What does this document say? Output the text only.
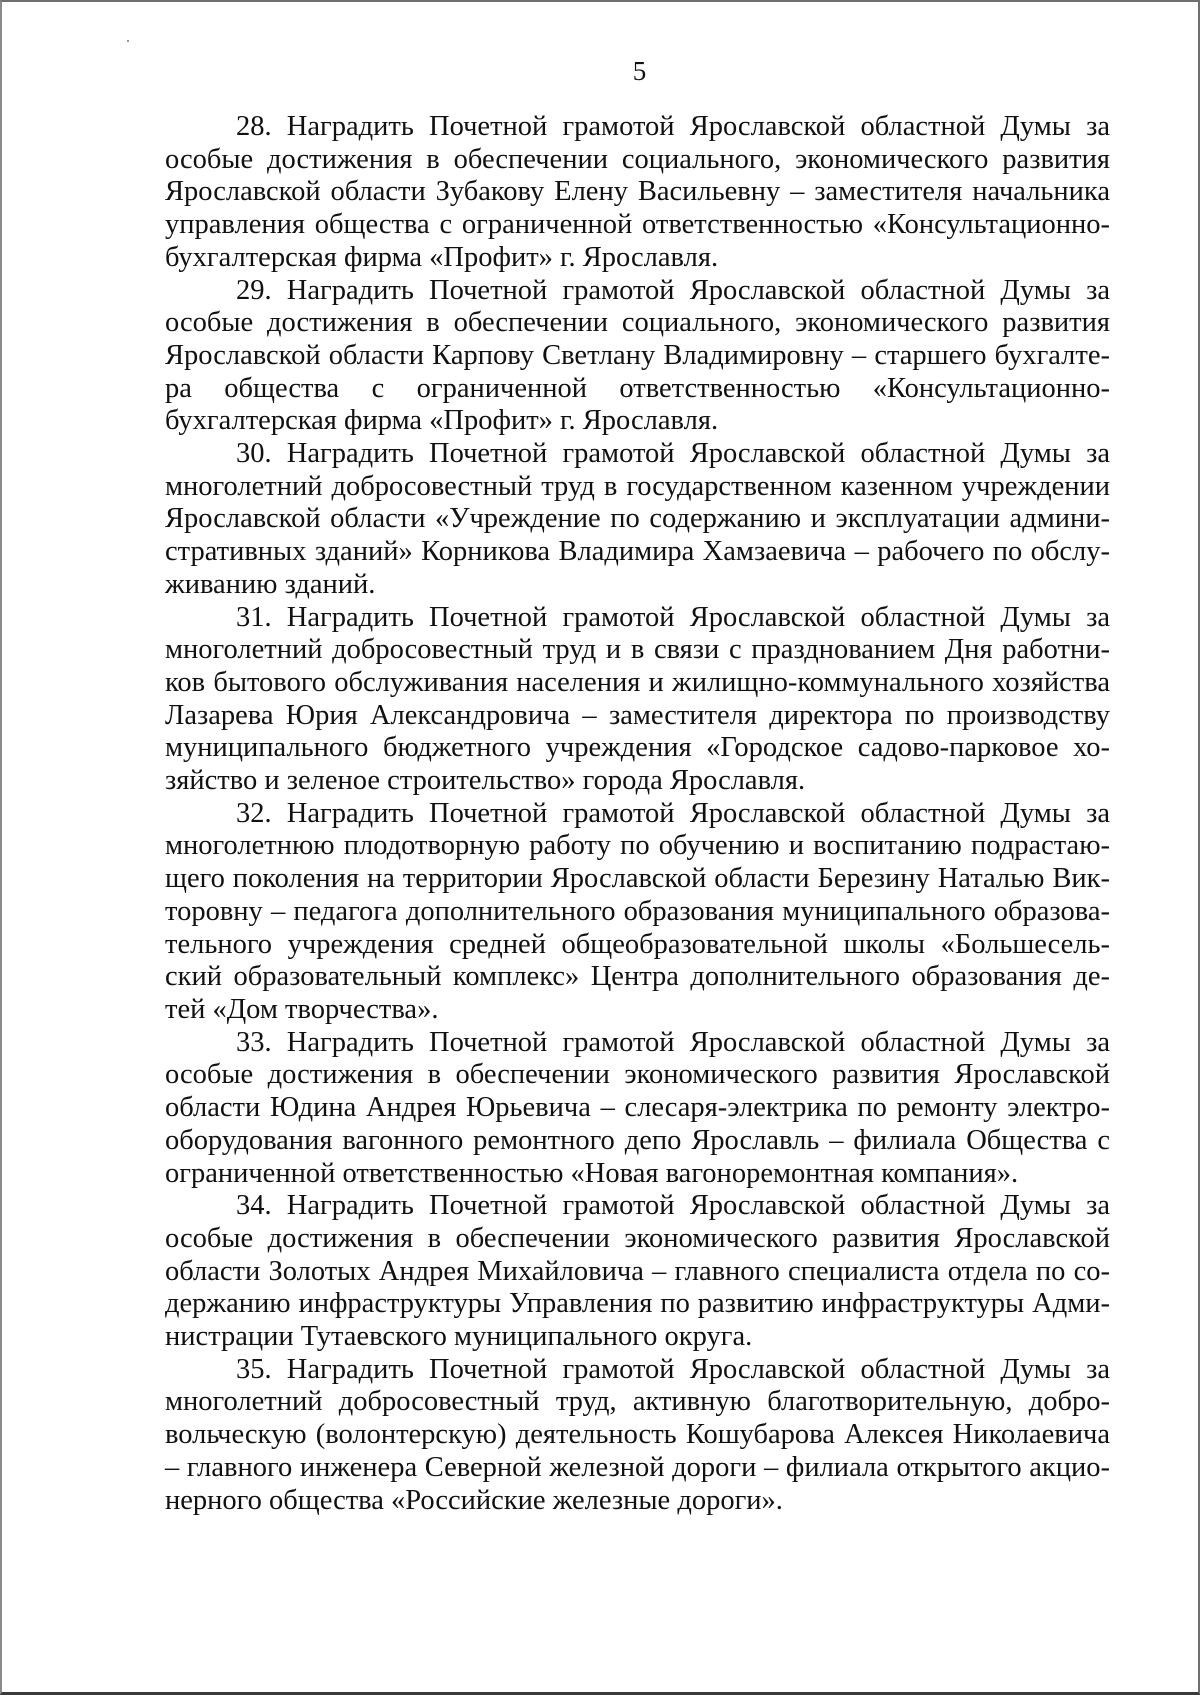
5

28. Наградить Почетной грамотой Ярославской областной Думы за особые достижения в обеспечении социального, экономического развития Ярославской области Зубакову Елену Васильевну – заместителя начальника управления общества с ограниченной ответственностью «Консультационно-бухгалтерская фирма «Профит» г. Ярославля.

29. Наградить Почетной грамотой Ярославской областной Думы за особые достижения в обеспечении социального, экономического развития Ярославской области Карпову Светлану Владимировну – старшего бухгалтера общества с ограниченной ответственностью «Консультационно-бухгалтерская фирма «Профит» г. Ярославля.

30. Наградить Почетной грамотой Ярославской областной Думы за многолетний добросовестный труд в государственном казенном учреждении Ярославской области «Учреждение по содержанию и эксплуатации административных зданий» Корникова Владимира Хамзаевича – рабочего по обслуживанию зданий.

31. Наградить Почетной грамотой Ярославской областной Думы за многолетний добросовестный труд и в связи с празднованием Дня работников бытового обслуживания населения и жилищно-коммунального хозяйства Лазарева Юрия Александровича – заместителя директора по производству муниципального бюджетного учреждения «Городское садово-парковое хозяйство и зеленое строительство» города Ярославля.

32. Наградить Почетной грамотой Ярославской областной Думы за многолетнюю плодотворную работу по обучению и воспитанию подрастающего поколения на территории Ярославской области Березину Наталью Викторовну – педагога дополнительного образования муниципального образовательного учреждения средней общеобразовательной школы «Большесельский образовательный комплекс» Центра дополнительного образования детей «Дом творчества».

33. Наградить Почетной грамотой Ярославской областной Думы за особые достижения в обеспечении экономического развития Ярославской области Юдина Андрея Юрьевича – слесаря-электрика по ремонту электрооборудования вагонного ремонтного депо Ярославль – филиала Общества с ограниченной ответственностью «Новая вагоноремонтная компания».

34. Наградить Почетной грамотой Ярославской областной Думы за особые достижения в обеспечении экономического развития Ярославской области Золотых Андрея Михайловича – главного специалиста отдела по содержанию инфраструктуры Управления по развитию инфраструктуры Администрации Тутаевского муниципального округа.

35. Наградить Почетной грамотой Ярославской областной Думы за многолетний добросовестный труд, активную благотворительную, добровольческую (волонтерскую) деятельность Кошубарова Алексея Николаевича – главного инженера Северной железной дороги – филиала открытого акционерного общества «Российские железные дороги».
